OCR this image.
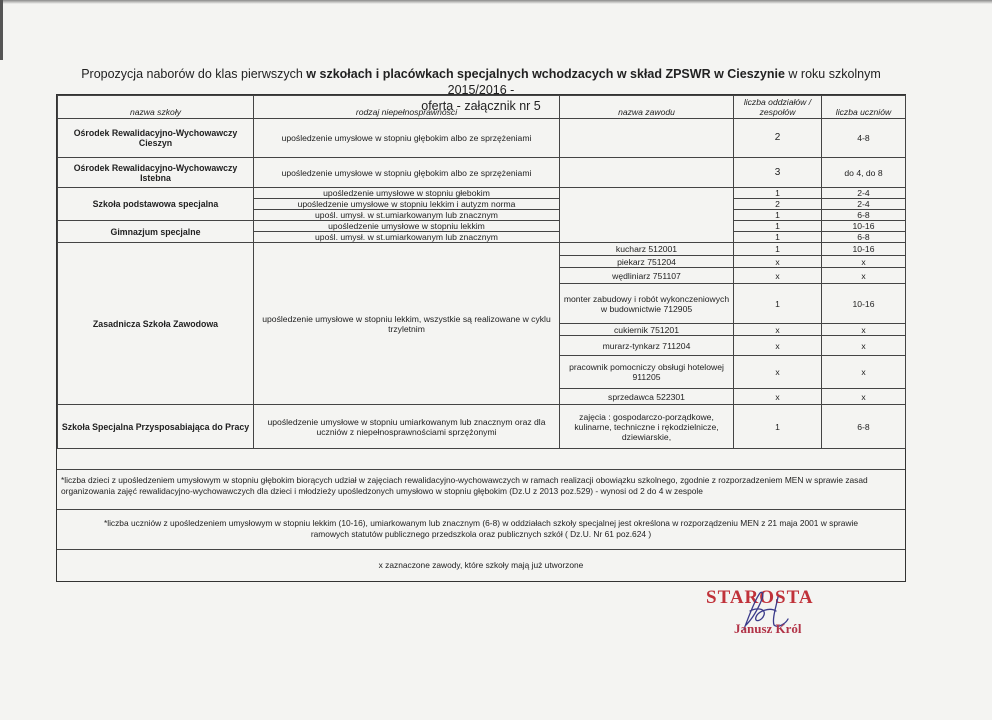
Propozycja naborów do klas pierwszych w szkołach i placówkach specjalnych wchodzacych w skład ZPSWR w Cieszynie w roku szkolnym 2015/2016 -
oferta - załącznik nr 5
nazwa szkoły	rodzaj niepełnosprawności	nazwa zawodu	liczba oddziałów / zespołów	liczba uczniów
Ośrodek Rewalidacyjno-Wychowawczy Cieszyn	upośledzenie umysłowe w stopniu głębokim albo ze sprzężeniami		2	4-8
Ośrodek Rewalidacyjno-Wychowawczy Istebna	upośledzenie umysłowe w stopniu głębokim albo ze sprzężeniami		3	do 4, do 8
Szkoła podstawowa specjalna	upośledzenie umysłowe w stopniu głebokim		1	2-4
	upośledzenie umysłowe w stopniu lekkim i autyzm norma		2	2-4
	upośl. umysł. w st.umiarkowanym lub znacznym		1	6-8
Gimnazjum specjalne	upośledzenie umysłowe w stopniu lekkim		1	10-16
	upośl. umysł. w st.umiarkowanym lub znacznym		1	6-8
Zasadnicza Szkoła Zawodowa	upośledzenie umysłowe w stopniu lekkim, wszystkie są realizowane w cyklu trzyletnim	kucharz 512001	1	10-16
		piekarz 751204	x	x
		wędliniarz 751107	x	x
		monter zabudowy i robót wykonczeniowych w budownictwie 712905	1	10-16
		cukiernik 751201	x	x
		murarz-tynkarz 711204	x	x
		pracownik pomocniczy obsługi hotelowej 911205	x	x
		sprzedawca 522301	x	x
Szkoła Specjalna Przysposabiająca do Pracy	upośledzenie umysłowe w stopniu umiarkowanym lub znacznym oraz dla uczniów z niepełnosprawnościami sprzężonymi	zajęcia : gospodarczo-porządkowe, kulinarne, techniczne i rękodzielnicze, dziewiarskie,	1	6-8
*liczba dzieci z upośledzeniem umysłowym w stopniu głębokim biorących udział w zajęciach rewalidacyjno-wychowawczych w ramach realizacji obowiązku szkolnego, zgodnie z rozporzadzeniem MEN w sprawie zasad organizowania zajęć rewalidacyjno-wychowawczych dla dzieci i młodzieży upośledzonych umysłowo w stopniu głębokim (Dz.U z 2013 poz.529) - wynosi od 2 do 4 w zespole
*liczba uczniów z upośledzeniem umysłowym w stopniu lekkim (10-16), umiarkowanym lub znacznym (6-8) w oddziałach szkoły specjalnej jest określona w rozporządzeniu MEN z 21 maja 2001 w sprawie ramowych statutów publicznego przedszkola oraz publicznych szkół ( Dz.U. Nr 61 poz.624 )
x zaznaczone zawody, które szkoły mają już utworzone
STAROSTA
Janusz Król
